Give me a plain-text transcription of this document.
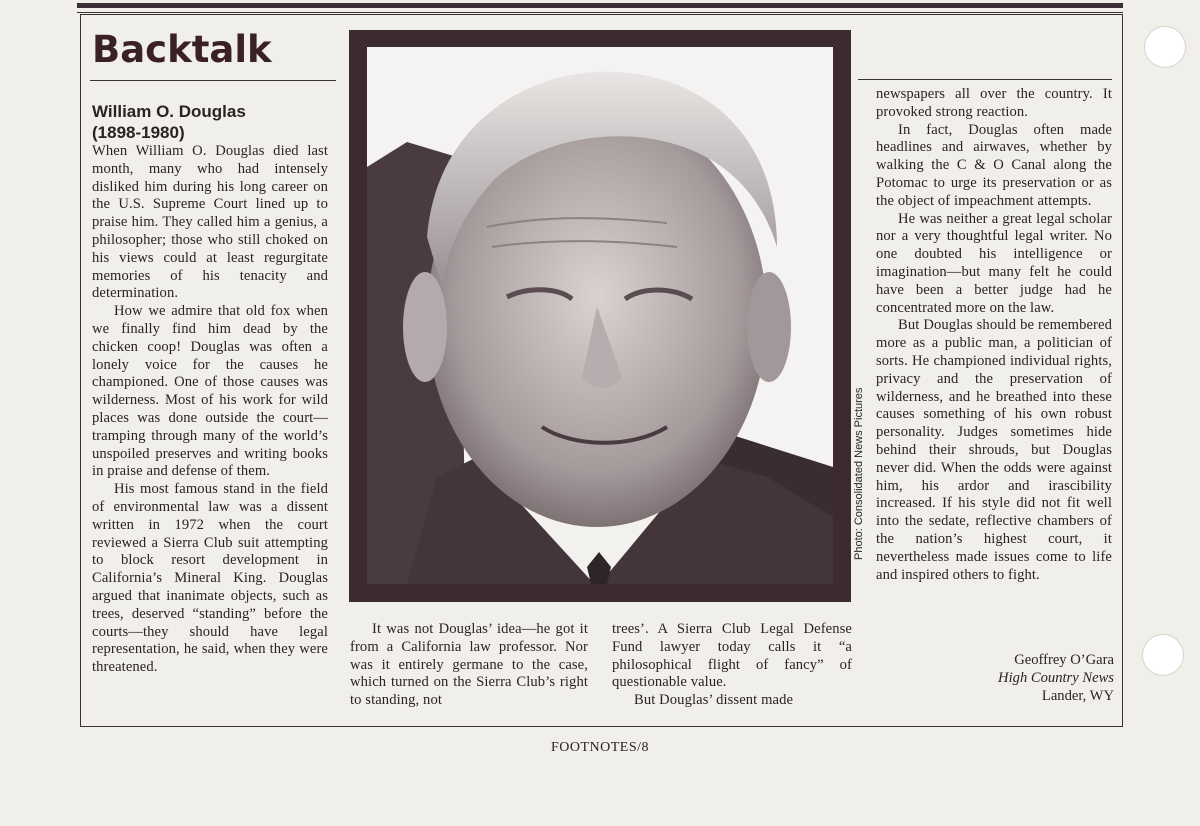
Backtalk
William O. Douglas
(1898-1980)

When William O. Douglas died last month, many who had intensely disliked him during his long career on the U.S. Supreme Court lined up to praise him. They called him a genius, a philosopher; those who still choked on his views could at least regurgitate memories of his tenacity and determination.

How we admire that old fox when we finally find him dead by the chicken coop! Douglas was often a lonely voice for the causes he championed. One of those causes was wilderness. Most of his work for wild places was done outside the court—tramping through many of the world’s unspoiled preserves and writing books in praise and defense of them.

His most famous stand in the field of environmental law was a dissent written in 1972 when the court reviewed a Sierra Club suit attempting to block resort development in California’s Mineral King. Douglas argued that inanimate objects, such as trees, deserved “standing” before the courts—they should have legal representation, he said, when they were threatened.

Photo: Consolidated News Pictures

It was not Douglas’ idea—he got it from a California law professor. Nor was it entirely germane to the case, which turned on the Sierra Club’s right to standing, not

trees’. A Sierra Club Legal Defense Fund lawyer today calls it “a philosophical flight of fancy” of questionable value.

But Douglas’ dissent made

newspapers all over the country. It provoked strong reaction.

In fact, Douglas often made headlines and airwaves, whether by walking the C & O Canal along the Potomac to urge its preservation or as the object of impeachment attempts.

He was neither a great legal scholar nor a very thoughtful legal writer. No one doubted his intelligence or imagination—but many felt he could have been a better judge had he concentrated more on the law.

But Douglas should be remembered more as a public man, a politician of sorts. He championed individual rights, privacy and the preservation of wilderness, and he breathed into these causes something of his own robust personality. Judges sometimes hide behind their shrouds, but Douglas never did. When the odds were against him, his ardor and irascibility increased. If his style did not fit well into the sedate, reflective chambers of the nation’s highest court, it nevertheless made issues come to life and inspired others to fight.

Geoffrey O’Gara
High Country News
Lander, WY
FOOTNOTES/8
